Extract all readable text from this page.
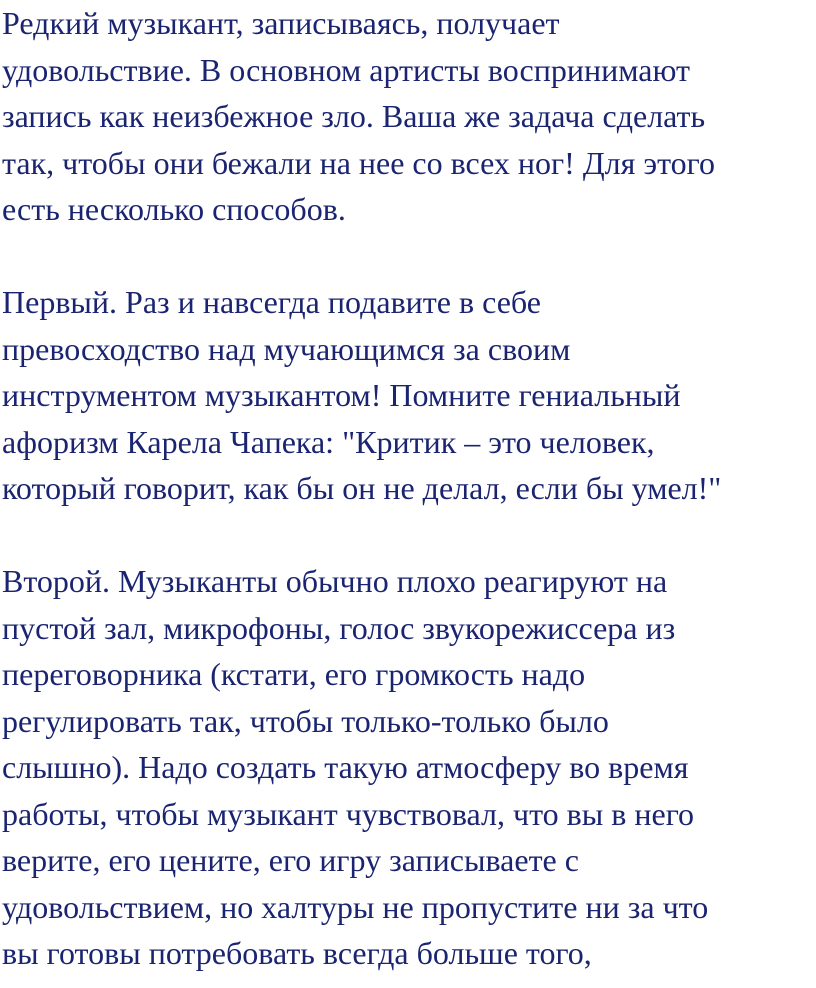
Редкий музыкант, записываясь, получает
удовольствие. В основном артисты воспринимают
запись как неизбежное зло. Ваша же задача сделать
так, чтобы они бежали на нее со всех ног! Для этого
есть несколько способов.
Первый. Раз и навсегда подавите в себе
превосходство над мучающимся за своим
инструментом музыкантом! Помните гениальный
афоризм Карела Чапека: "Критик – это человек,
который говорит, как бы он не делал, если бы умел!"
Второй. Музыканты обычно плохо реагируют на
пустой зал, микрофоны, голос звукорежиссера из
переговорника (кстати, его громкость надо
регулировать так, чтобы только-только было
слышно). Надо создать такую атмосферу во время
работы, чтобы музыкант чувствовал, что вы в него
верите, его цените, его игру записываете с
удовольствием, но халтуры не пропустите ни за что
вы готовы потребовать всегда больше того,
